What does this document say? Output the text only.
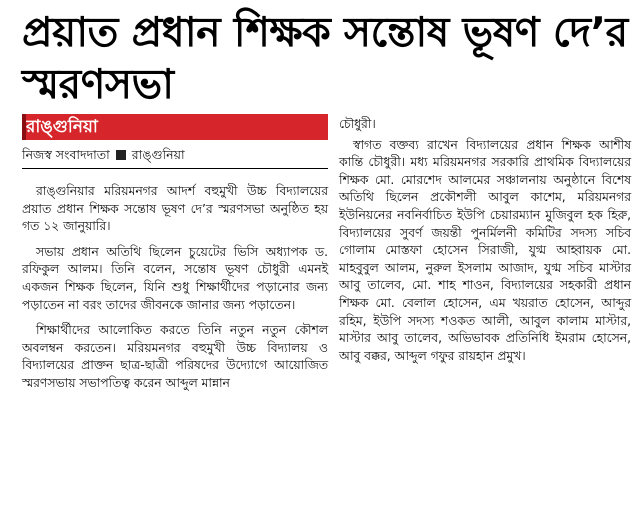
প্রয়াত প্রধান শিক্ষক সন্তোষ ভূষণ দে’র স্মরণসভা
রাঙ্গুনিয়া
নিজস্ব সংবাদদাতা রাঙ্গুনিয়া

রাঙ্গুনিয়ার মরিয়মনগর আদর্শ বহুমুখী উচ্চ বিদ্যালয়ের প্রয়াত প্রধান শিক্ষক সন্তোষ ভূষণ দে’র স্মরণসভা অনুষ্ঠিত হয় গত ১২ জানুয়ারি।

সভায় প্রধান অতিথি ছিলেন চুয়েটের ভিসি অধ্যাপক ড. রফিকুল আলম। তিনি বলেন, সন্তোষ ভূষণ চৌধুরী এমনই একজন শিক্ষক ছিলেন, যিনি শুধু শিক্ষার্থীদের পড়ানোর জন্য পড়াতেন না বরং তাদের জীবনকে জানার জন্য পড়াতেন।

শিক্ষার্থীদের আলোকিত করতে তিনি নতুন নতুন কৌশল অবলম্বন করতেন। মরিয়মনগর বহুমুখী উচ্চ বিদ্যালয় ও বিদ্যালয়ের প্রাক্তন ছাত্র-ছাত্রী পরিষদের উদ্যোগে আয়োজিত স্মরণসভায় সভাপতিত্ব করেন আব্দুল মান্নান

চৌধুরী।

স্বাগত বক্তব্য রাখেন বিদ্যালয়ের প্রধান শিক্ষক আশীষ কান্তি চৌধুরী। মধ্য মরিয়মনগর সরকারি প্রাথমিক বিদ্যালয়ের শিক্ষক মো. মোরশেদ আলমের সঞ্চালনায় অনুষ্ঠানে বিশেষ অতিথি ছিলেন প্রকৌশলী আবুল কাশেম, মরিয়মনগর ইউনিয়নের নবনির্বাচিত ইউপি চেয়ারম্যান মুজিবুল হক হিরু, বিদ্যালয়ের সুবর্ণ জয়ন্তী পুনর্মিলনী কমিটির সদস্য সচিব গোলাম মোস্তফা হোসেন সিরাজী, যুগ্ম আহ্বায়ক মো. মাহবুবুল আলম, নুরুল ইসলাম আজাদ, যুগ্ম সচিব মাস্টার আবু তালেব, মো. শাহ শাওন, বিদ্যালয়ের সহকারী প্রধান শিক্ষক মো. বেলাল হোসেন, এম খয়রাত হোসেন, আব্দুর রহিম, ইউপি সদস্য শওকত আলী, আবুল কালাম মাস্টার, মাস্টার আবু তালেব, অভিভাবক প্রতিনিধি ইমরাম হোসেন, আবু বক্কর, আব্দুল গফুর রায়হান প্রমুখ।
